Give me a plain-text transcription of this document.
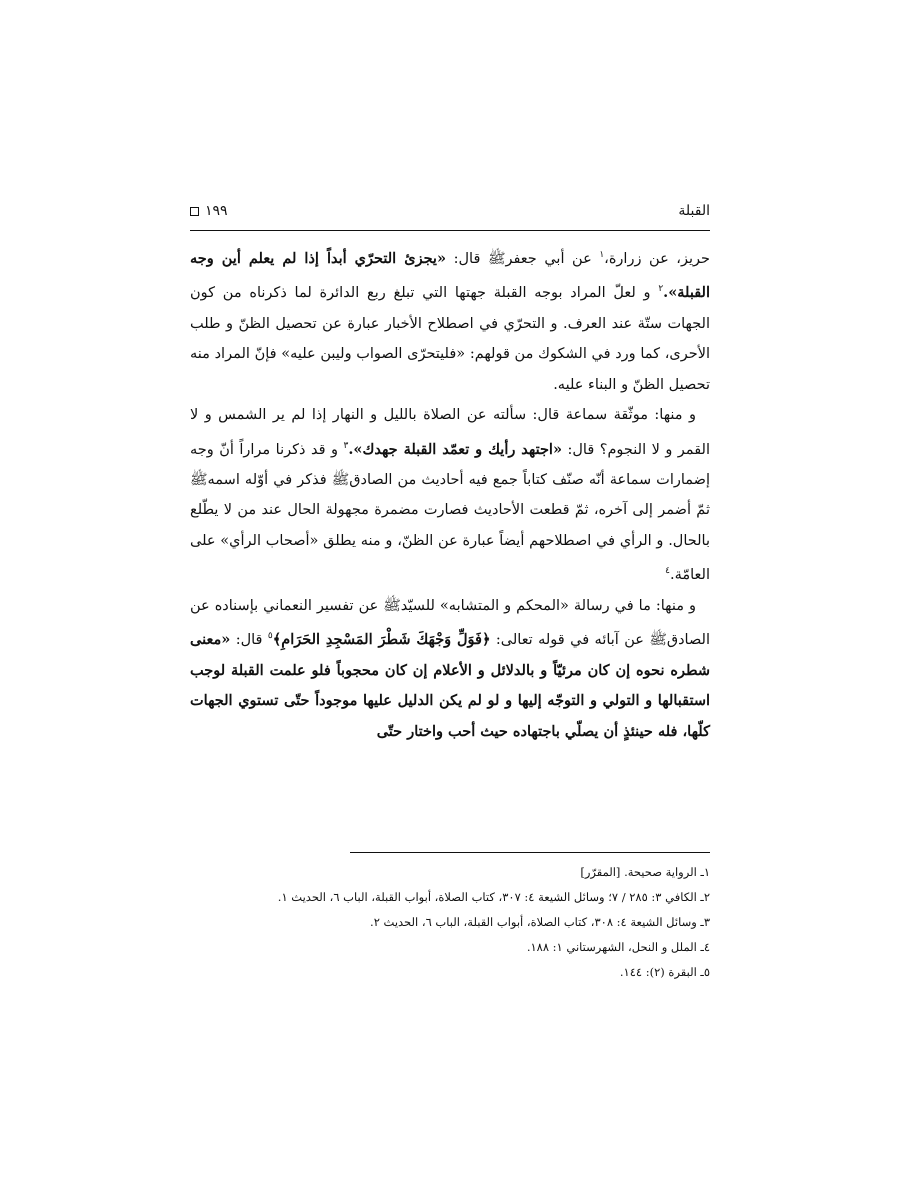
القبلة
١٩٩

حريز، عن زرارة،$^١$ عن أبي جعفرﷺ قال: «يجزئ التحرّي أبداً إذا لم يعلم أين وجه القبلة».$^٢$ و لعلّ المراد بوجه القبلة جهتها التي تبلغ ربع الدائرة لما ذكرناه من كون الجهات ستّة عند العرف. و التحرّي في اصطلاح الأخبار عبارة عن تحصيل الظنّ و طلب الأحرى، كما ورد في الشكوك من قولهم: «فليتحرّى الصواب وليبن عليه» فإنّ المراد منه تحصيل الظنّ و البناء عليه.

و منها: موثّقة سماعة قال: سألته عن الصلاة بالليل و النهار إذا لم ير الشمس و لا القمر و لا النجوم؟ قال: «اجتهد رأيك و تعمّد القبلة جهدك».$^٣$ و قد ذكرنا مراراً أنّ وجه إضمارات سماعة أنّه صنّف كتاباً جمع فيه أحاديث من الصادقﷺ فذكر في أوّله اسمهﷺ ثمّ أضمر إلى آخره، ثمّ قطعت الأحاديث فصارت مضمرة مجهولة الحال عند من لا يطّلع بالحال. و الرأي في اصطلاحهم أيضاً عبارة عن الظنّ، و منه يطلق «أصحاب الرأي» على العامّة.$^٤$

و منها: ما في رسالة «المحكم و المتشابه» للسيّدﷺ عن تفسير النعماني بإسناده عن الصادقﷺ عن آبائه في قوله تعالى: ﴿فَوَلِّ وَجْهَكَ شَطْرَ المَسْجِدِ الحَرَامِ﴾$^٥$ قال: «معنى شطره نحوه إن كان مرئيّاً و بالدلائل و الأعلام إن كان محجوباً فلو علمت القبلة لوجب استقبالها و التولي و التوجّه إليها و لو لم يكن الدليل عليها موجوداً حتّى تستوي الجهات كلّها، فله حينئذٍ أن يصلّي باجتهاده حيث أحب واختار حتّى

١ـ الرواية صحيحة. [المقرّر]

٢ـ الكافي ٣: ٢٨٥ / ٧؛ وسائل الشيعة ٤: ٣٠٧، كتاب الصلاة، أبواب القبلة، الباب ٦، الحديث ١.

٣ـ وسائل الشيعة ٤: ٣٠٨، كتاب الصلاة، أبواب القبلة، الباب ٦، الحديث ٢.

٤ـ الملل و النحل، الشهرستاني ١: ١٨٨.

٥ـ البقرة (٢): ١٤٤.
